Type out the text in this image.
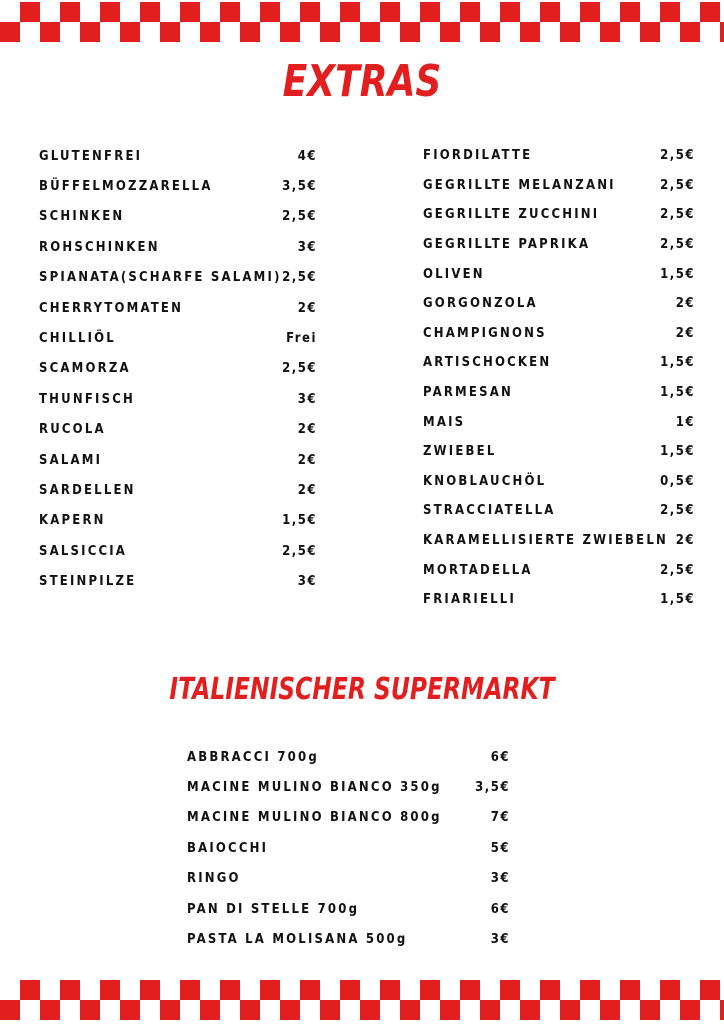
EXTRAS
GLUTENFREI	4€
BÜFFELMOZZARELLA	3,5€
SCHINKEN	2,5€
ROHSCHINKEN	3€
SPIANATA(SCHARFE SALAMI) 2,5€
CHERRYTOMATEN	2€
CHILLIÖL	Frei
SCAMORZA	2,5€
THUNFISCH	3€
RUCOLA	2€
SALAMI	2€
SARDELLEN	2€
KAPERN	1,5€
SALSICCIA	2,5€
STEINPILZE	3€
FIORDILATTE	2,5€
GEGRILLTE MELANZANI	2,5€
GEGRILLTE ZUCCHINI	2,5€
GEGRILLTE PAPRIKA	2,5€
OLIVEN	1,5€
GORGONZOLA	2€
CHAMPIGNONS	2€
ARTISCHOCKEN	1,5€
PARMESAN	1,5€
MAIS	1€
ZWIEBEL	1,5€
KNOBLAUCHÖL	0,5€
STRACCIATELLA	2,5€
KARAMELLISIERTE ZWIEBELN 2€
MORTADELLA	2,5€
FRIARIELLI	1,5€
ITALIENISCHER SUPERMARKT
ABBRACCI 700g	6€
MACINE MULINO BIANCO 350g	3,5€
MACINE MULINO BIANCO 800g	7€
BAIOCCHI	5€
RINGO	3€
PAN DI STELLE 700g	6€
PASTA LA MOLISANA 500g	3€
